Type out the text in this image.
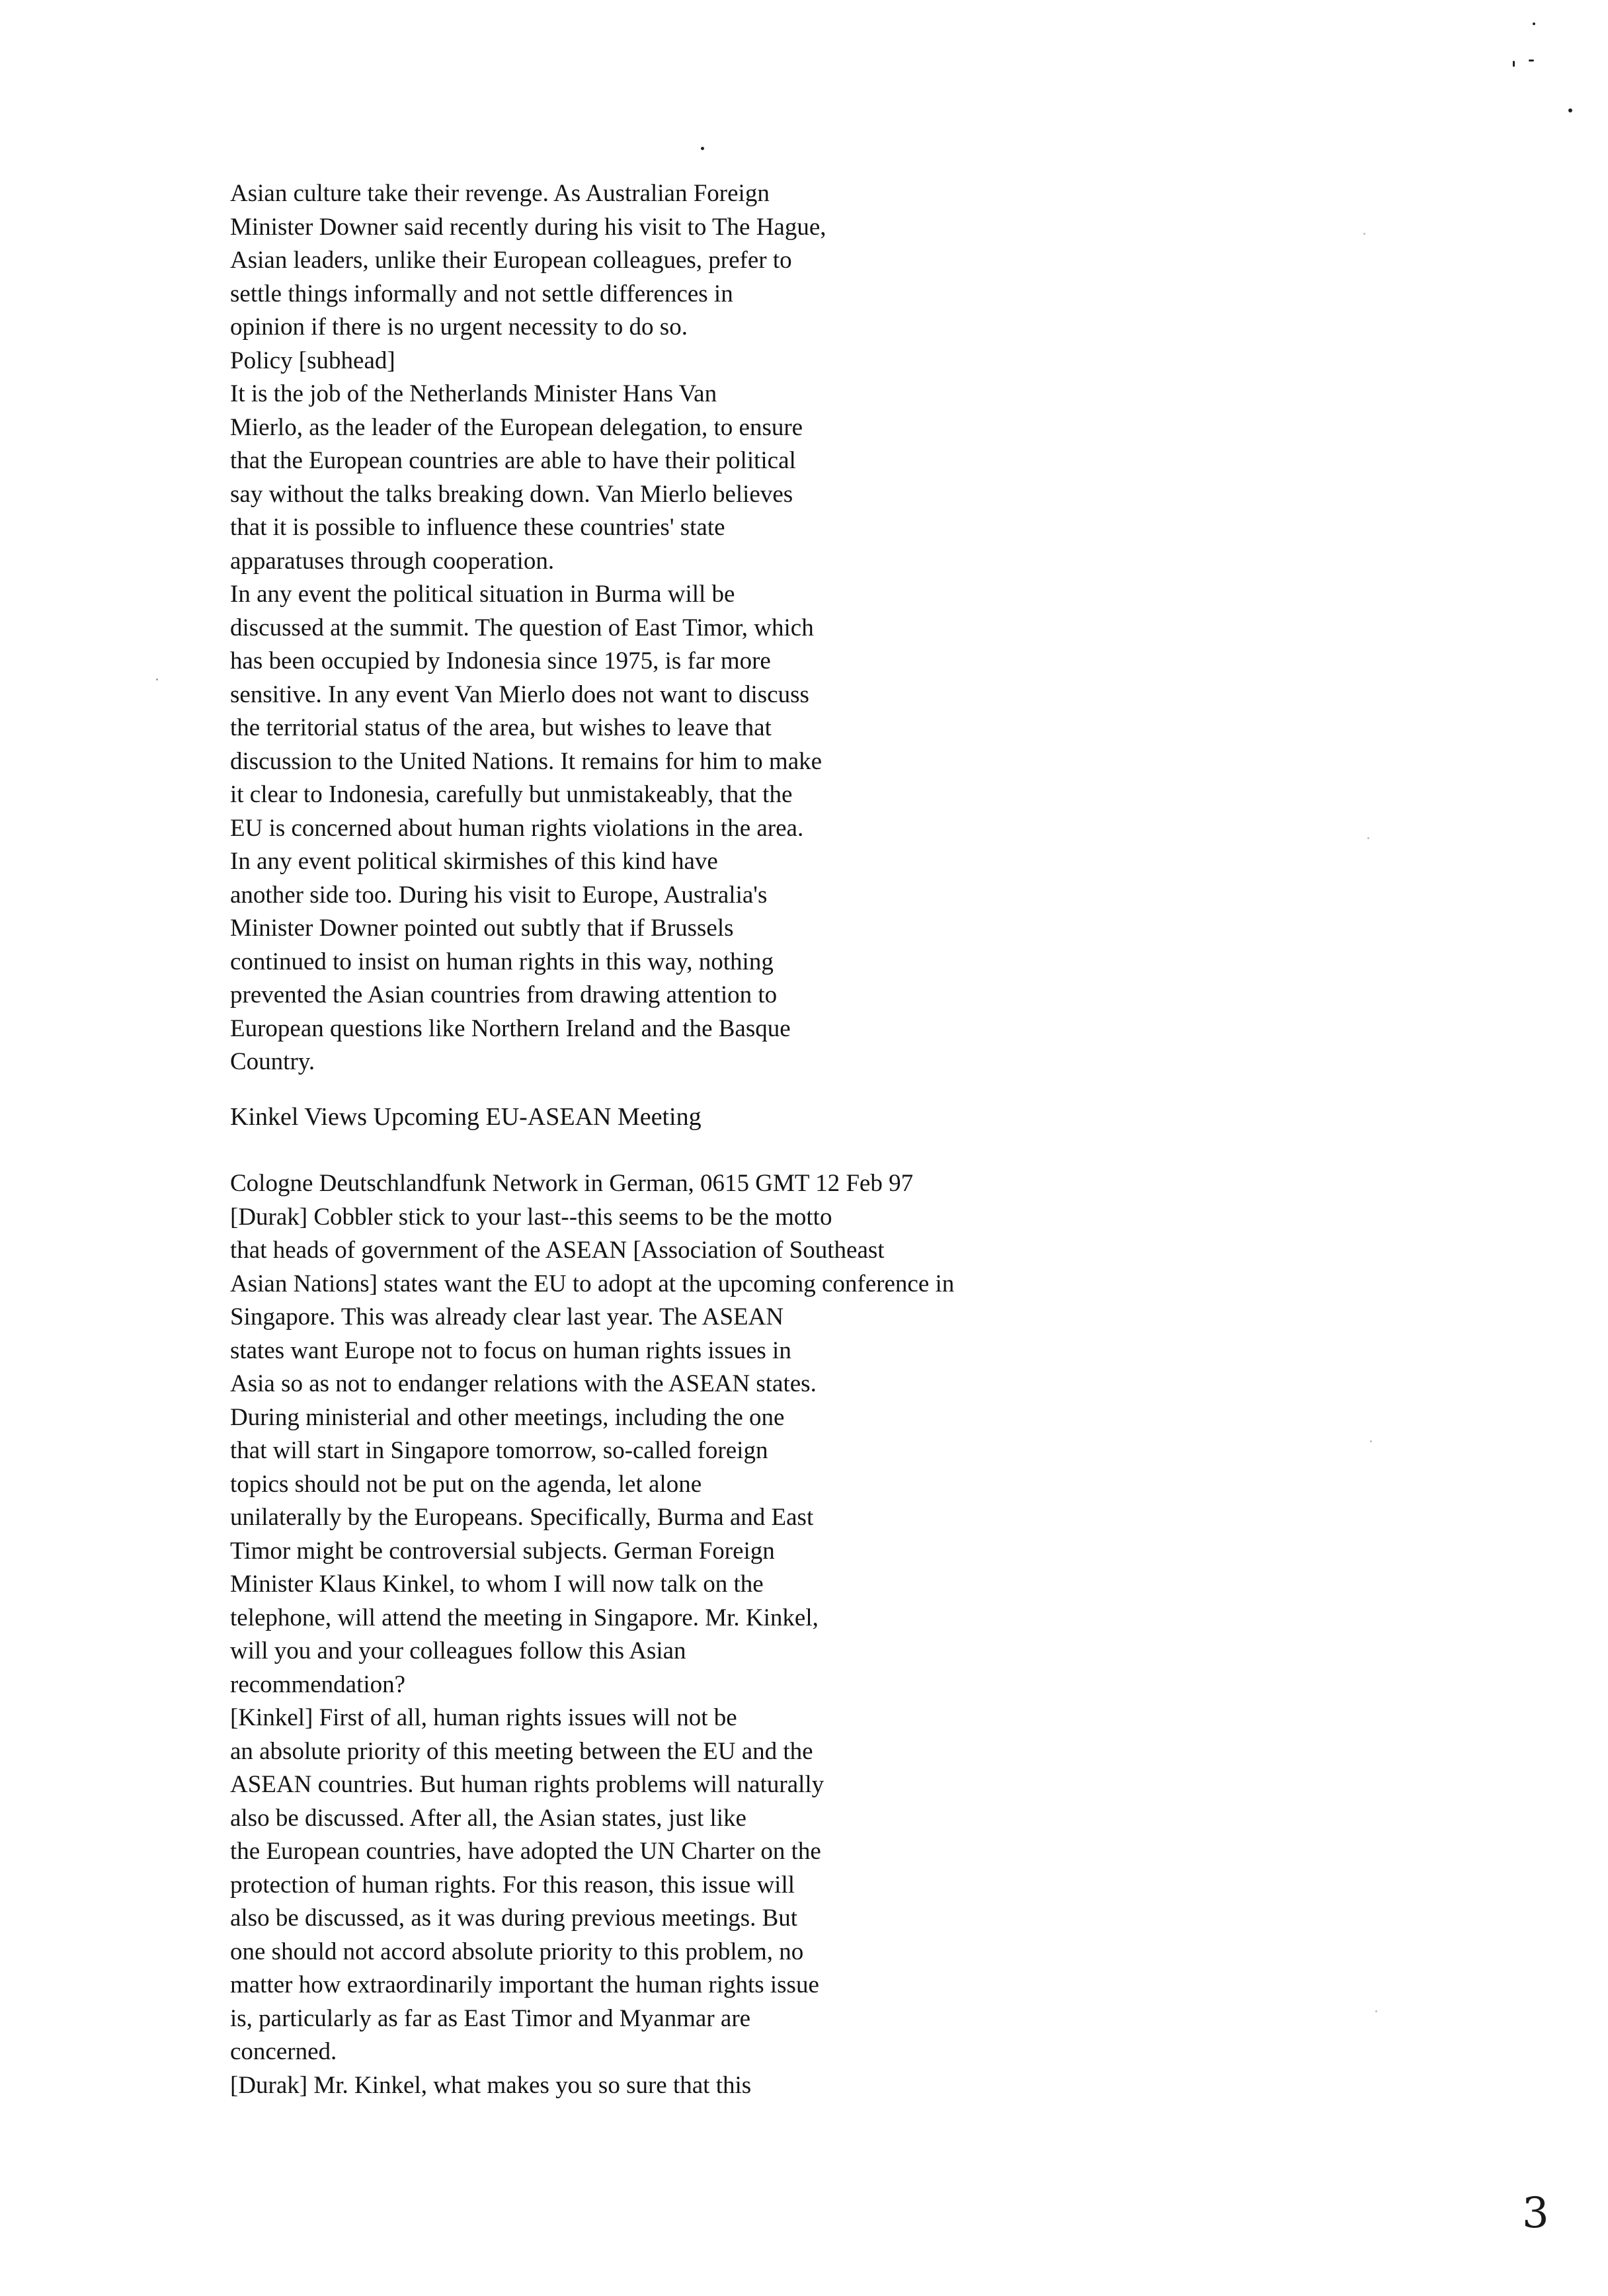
Asian culture take their revenge. As Australian Foreign
Minister Downer said recently during his visit to The Hague,
Asian leaders, unlike their European colleagues, prefer to
settle things informally and not settle differences in
opinion if there is no urgent necessity to do so.
Policy [subhead]
It is the job of the Netherlands Minister Hans Van
Mierlo, as the leader of the European delegation, to ensure
that the European countries are able to have their political
say without the talks breaking down. Van Mierlo believes
that it is possible to influence these countries' state
apparatuses through cooperation.
In any event the political situation in Burma will be
discussed at the summit. The question of East Timor, which
has been occupied by Indonesia since 1975, is far more
sensitive. In any event Van Mierlo does not want to discuss
the territorial status of the area, but wishes to leave that
discussion to the United Nations. It remains for him to make
it clear to Indonesia, carefully but unmistakeably, that the
EU is concerned about human rights violations in the area.
In any event political skirmishes of this kind have
another side too. During his visit to Europe, Australia's
Minister Downer pointed out subtly that if Brussels
continued to insist on human rights in this way, nothing
prevented the Asian countries from drawing attention to
European questions like Northern Ireland and the Basque
Country.
Kinkel Views Upcoming EU-ASEAN Meeting
Cologne Deutschlandfunk Network in German, 0615 GMT 12 Feb 97
[Durak] Cobbler stick to your last--this seems to be the motto
that heads of government of the ASEAN [Association of Southeast
Asian Nations] states want the EU to adopt at the upcoming conference in
Singapore. This was already clear last year. The ASEAN
states want Europe not to focus on human rights issues in
Asia so as not to endanger relations with the ASEAN states.
During ministerial and other meetings, including the one
that will start in Singapore tomorrow, so-called foreign
topics should not be put on the agenda, let alone
unilaterally by the Europeans. Specifically, Burma and East
Timor might be controversial subjects. German Foreign
Minister Klaus Kinkel, to whom I will now talk on the
telephone, will attend the meeting in Singapore. Mr. Kinkel,
will you and your colleagues follow this Asian
recommendation?
[Kinkel] First of all, human rights issues will not be
an absolute priority of this meeting between the EU and the
ASEAN countries. But human rights problems will naturally
also be discussed. After all, the Asian states, just like
the European countries, have adopted the UN Charter on the
protection of human rights. For this reason, this issue will
also be discussed, as it was during previous meetings. But
one should not accord absolute priority to this problem, no
matter how extraordinarily important the human rights issue
is, particularly as far as East Timor and Myanmar are
concerned.
[Durak] Mr. Kinkel, what makes you so sure that this
3
